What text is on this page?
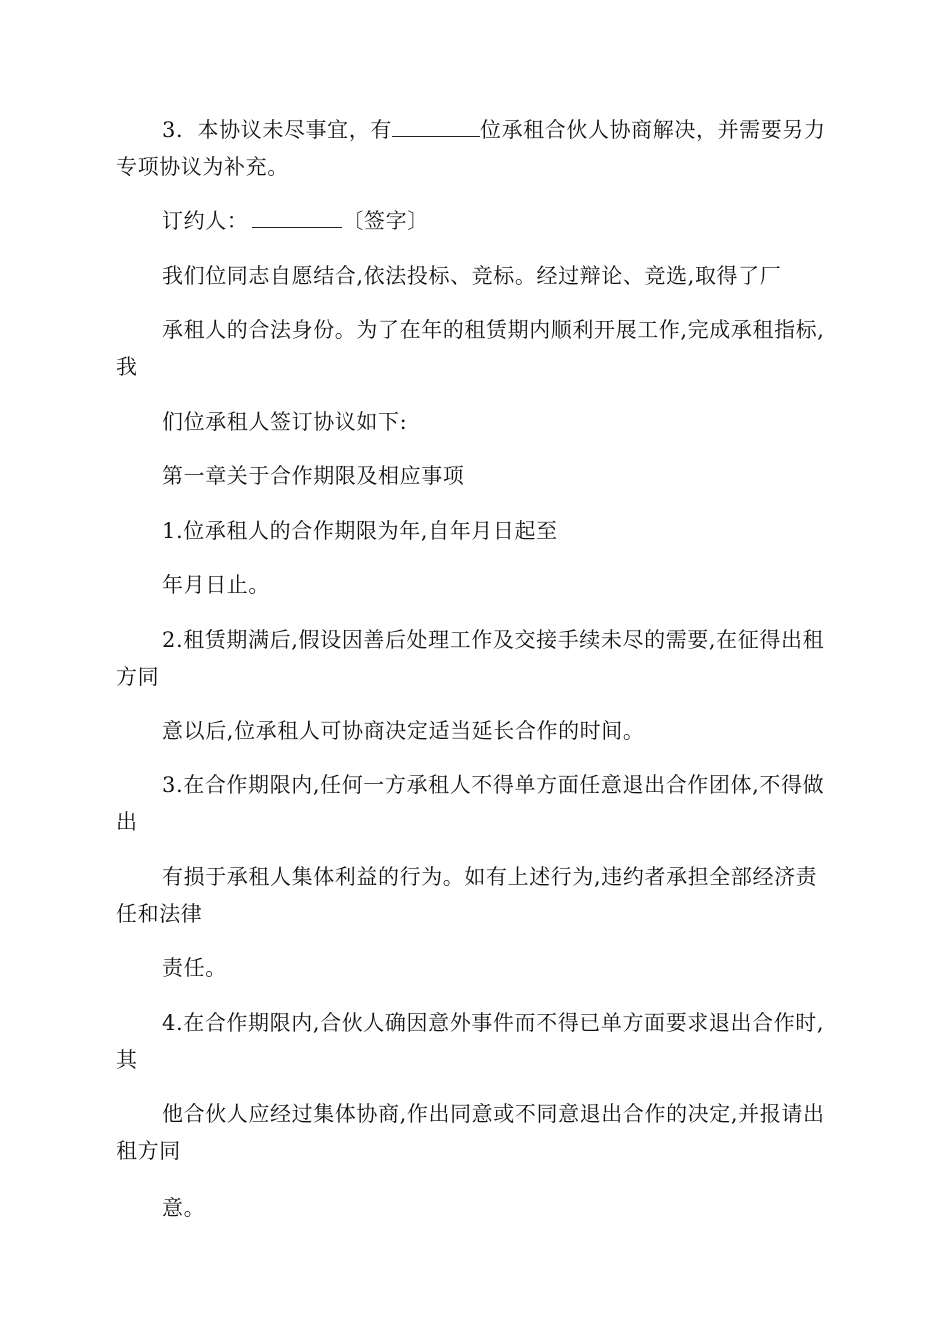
3．本协议未尽事宜，有	位承租合伙人协商解决，并需要另力专项协议为补充。

订约人：	〔签字〕

我们位同志自愿结合,依法投标、竞标。经过辩论、竞选,取得了厂

承租人的合法身份。为了在年的租赁期内顺利开展工作,完成承租指标,我

们位承租人签订协议如下:

第一章关于合作期限及相应事项

1.位承租人的合作期限为年,自年月日起至

年月日止。

2.租赁期满后,假设因善后处理工作及交接手续未尽的需要,在征得出租方同

意以后,位承租人可协商决定适当延长合作的时间。

3.在合作期限内,任何一方承租人不得单方面任意退出合作团体,不得做出

有损于承租人集体利益的行为。如有上述行为,违约者承担全部经济责任和法律

责任。

4.在合作期限内,合伙人确因意外事件而不得已单方面要求退出合作时,其

他合伙人应经过集体协商,作出同意或不同意退出合作的决定,并报请出租方同

意。
